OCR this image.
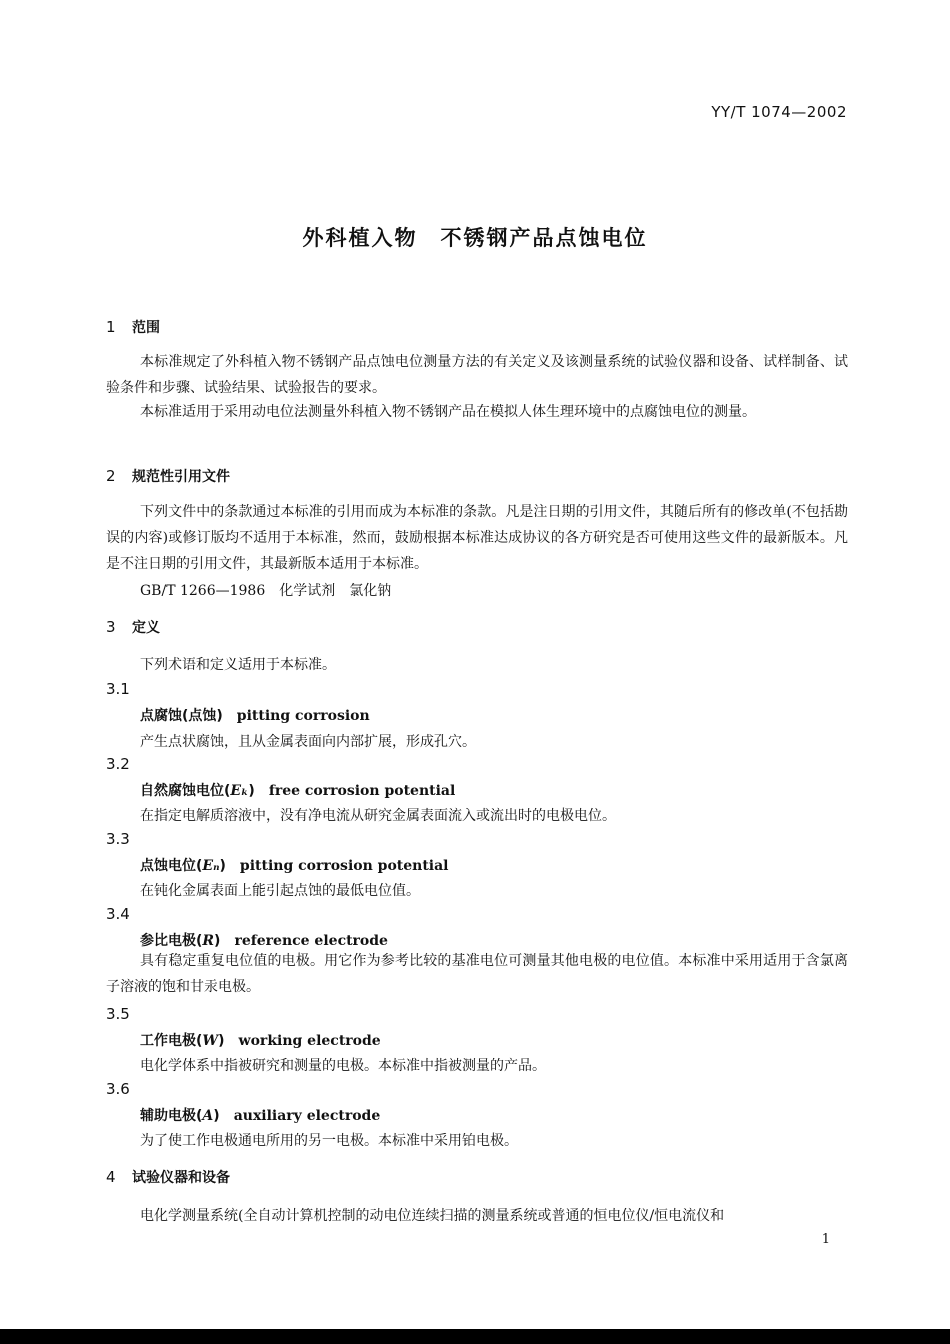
YY/T 1074—2002
外科植入物　不锈钢产品点蚀电位
1 范围
本标准规定了外科植入物不锈钢产品点蚀电位测量方法的有关定义及该测量系统的试验仪器和设备、试样制备、试验条件和步骤、试验结果、试验报告的要求。
本标准适用于采用动电位法测量外科植入物不锈钢产品在模拟人体生理环境中的点腐蚀电位的测量。
2 规范性引用文件
下列文件中的条款通过本标准的引用而成为本标准的条款。凡是注日期的引用文件，其随后所有的修改单(不包括勘误的内容)或修订版均不适用于本标准，然而，鼓励根据本标准达成协议的各方研究是否可使用这些文件的最新版本。凡是不注日期的引用文件，其最新版本适用于本标准。
GB/T 1266—1986　化学试剂　氯化钠
3 定义
下列术语和定义适用于本标准。
3.1
点腐蚀(点蚀) pitting corrosion
产生点状腐蚀，且从金属表面向内部扩展，形成孔穴。
3.2
自然腐蚀电位(Eₖ) free corrosion potential
在指定电解质溶液中，没有净电流从研究金属表面流入或流出时的电极电位。
3.3
点蚀电位(Eₙ) pitting corrosion potential
在钝化金属表面上能引起点蚀的最低电位值。
3.4
参比电极(R) reference electrode
具有稳定重复电位值的电极。用它作为参考比较的基准电位可测量其他电极的电位值。本标准中采用适用于含氯离子溶液的饱和甘汞电极。
3.5
工作电极(W) working electrode
电化学体系中指被研究和测量的电极。本标准中指被测量的产品。
3.6
辅助电极(A) auxiliary electrode
为了使工作电极通电所用的另一电极。本标准中采用铂电极。
4 试验仪器和设备
电化学测量系统(全自动计算机控制的动电位连续扫描的测量系统或普通的恒电位仪/恒电流仪和
1
